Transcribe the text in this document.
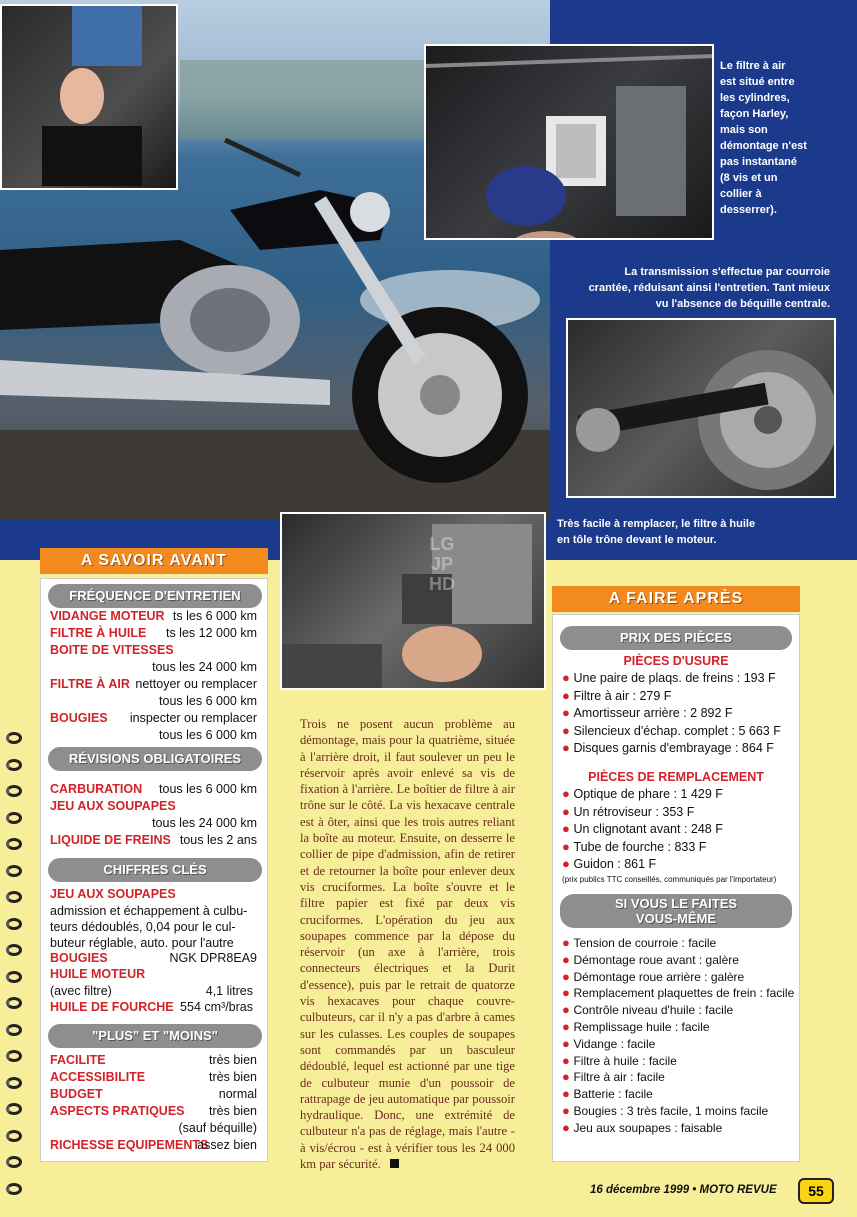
Le filtre à air
est situé entre
les cylindres,
façon Harley,
mais son
démontage n'est
pas instantané
(8 vis et un
collier à
desserrer).
La transmission s'effectue par courroie
crantée, réduisant ainsi l'entretien. Tant mieux
vu l'absence de béquille centrale.
Très facile à remplacer, le filtre à huile
en tôle trône devant le moteur.
LG JP HD
A SAVOIR AVANT
FRÉQUENCE D'ENTRETIEN
VIDANGE MOTEUR ts les 6 000 km
FILTRE À HUILE ts les 12 000 km
BOITE DE VITESSES
tous les 24 000 km
FILTRE À AIR nettoyer ou remplacer
tous les 6 000 km
BOUGIES inspecter ou remplacer
tous les 6 000 km
RÉVISIONS OBLIGATOIRES
CARBURATION tous les 6 000 km
JEU AUX SOUPAPES
tous les 24 000 km
LIQUIDE DE FREINS tous les 2 ans
CHIFFRES CLÉS
JEU AUX SOUPAPES
admission et échappement à culbu-
teurs dédoublés, 0,04 pour le cul-
buteur réglable, auto. pour l'autre
BOUGIES	NGK DPR8EA9
HUILE MOTEUR
(avec filtre)	4,1 litres
HUILE DE FOURCHE 554 cm³/bras
"PLUS" ET "MOINS"
FACILITE	très bien
ACCESSIBILITE	très bien
BUDGET	normal
ASPECTS PRATIQUES très bien
(sauf béquille)
RICHESSE EQUIPEMENTS
assez bien
Trois ne posent aucun problème au démontage, mais pour la quatrième, située à l'arrière droit, il faut soulever un peu le réservoir après avoir enlevé sa vis de fixation à l'arrière. Le boîtier de filtre à air trône sur le côté. La vis hexacave centrale est à ôter, ainsi que les trois autres reliant la boîte au moteur. Ensuite, on desserre le collier de pipe d'admission, afin de retirer et de retourner la boîte pour enlever deux vis cruciformes. La boîte s'ouvre et le filtre papier est fixé par deux vis cruciformes. L'opération du jeu aux soupapes commence par la dépose du réservoir (un axe à l'arrière, trois connecteurs électriques et la Durit d'essence), puis par le retrait de quatorze vis hexacaves pour chaque couvre-culbuteurs, car il n'y a pas d'arbre à cames sur les culasses. Les couples de soupapes sont commandés par un basculeur dédoublé, lequel est actionné par une tige de culbuteur munie d'un poussoir de rattrapage de jeu automatique par poussoir hydraulique. Donc, une extrémité de culbuteur n'a pas de réglage, mais l'autre - à vis/écrou - est à vérifier tous les 24 000 km par sécurité.
A FAIRE APRÈS
PRIX DES PIÈCES
PIÈCES D'USURE
● Une paire de plaqs. de freins : 193 F
● Filtre à air : 279 F
● Amortisseur arrière : 2 892 F
● Silencieux d'échap. complet : 5 663 F
● Disques garnis d'embrayage : 864 F
PIÈCES DE REMPLACEMENT
● Optique de phare : 1 429 F
● Un rétroviseur : 353 F
● Un clignotant avant : 248 F
● Tube de fourche : 833 F
● Guidon : 861 F
(prix publics TTC conseillés, communiqués par l'importateur)
SI VOUS LE FAITES
VOUS-MÊME
● Tension de courroie : facile
● Démontage roue avant : galère
● Démontage roue arrière : galère
● Remplacement plaquettes de frein : facile
● Contrôle niveau d'huile : facile
● Remplissage huile : facile
● Vidange : facile
● Filtre à huile : facile
● Filtre à air : facile
● Batterie : facile
● Bougies : 3 très facile, 1 moins facile
● Jeu aux soupapes : faisable
16 décembre 1999 • MOTO REVUE	55
